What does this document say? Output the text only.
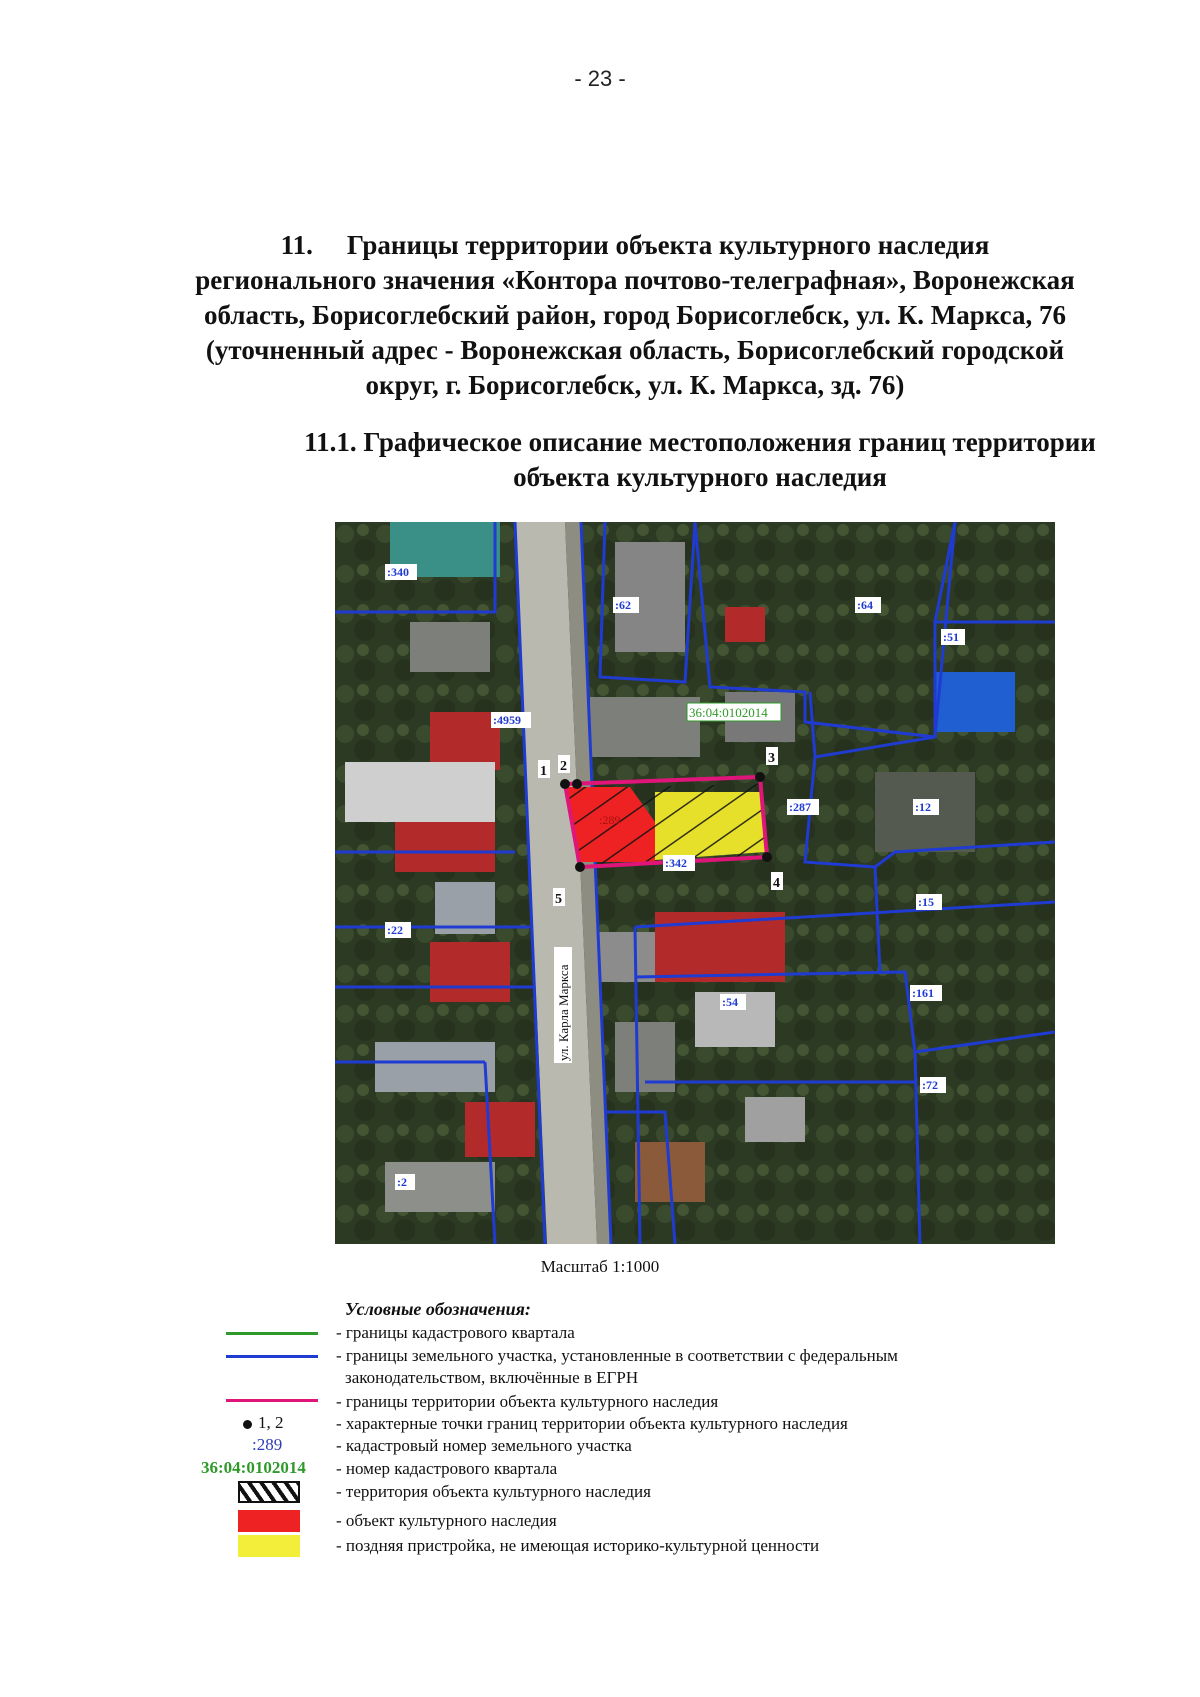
- 23 -
11. Границы территории объекта культурного наследия
регионального значения «Контора почтово-телеграфная», Воронежская
область, Борисоглебский район, город Борисоглебск, ул. К. Маркса, 76
(уточненный адрес - Воронежская область, Борисоглебский городской
округ, г. Борисоглебск, ул. К. Маркса, зд. 76)
11.1. Графическое описание местоположения границ территории
объекта культурного наследия
1 2
3
4
5
:340
:62	:64
:51
:4959
:287	:12
:342
:22
:15
:54
:161
:72
:2
:289
36:04:0102014
ул. Карла Маркса
Масштаб 1:1000
Условные обозначения:
- границы кадастрового квартала
- границы земельного участка, установленные в соответствии с федеральным
законодательством, включённые в ЕГРН
- границы территории объекта культурного наследия
1, 2	- характерные точки границ территории объекта культурного наследия
:289	- кадастровый номер земельного участка
36:04:0102014 - номер кадастрового квартала
- территория объекта культурного наследия
- объект культурного наследия
- поздняя пристройка, не имеющая историко-культурной ценности
